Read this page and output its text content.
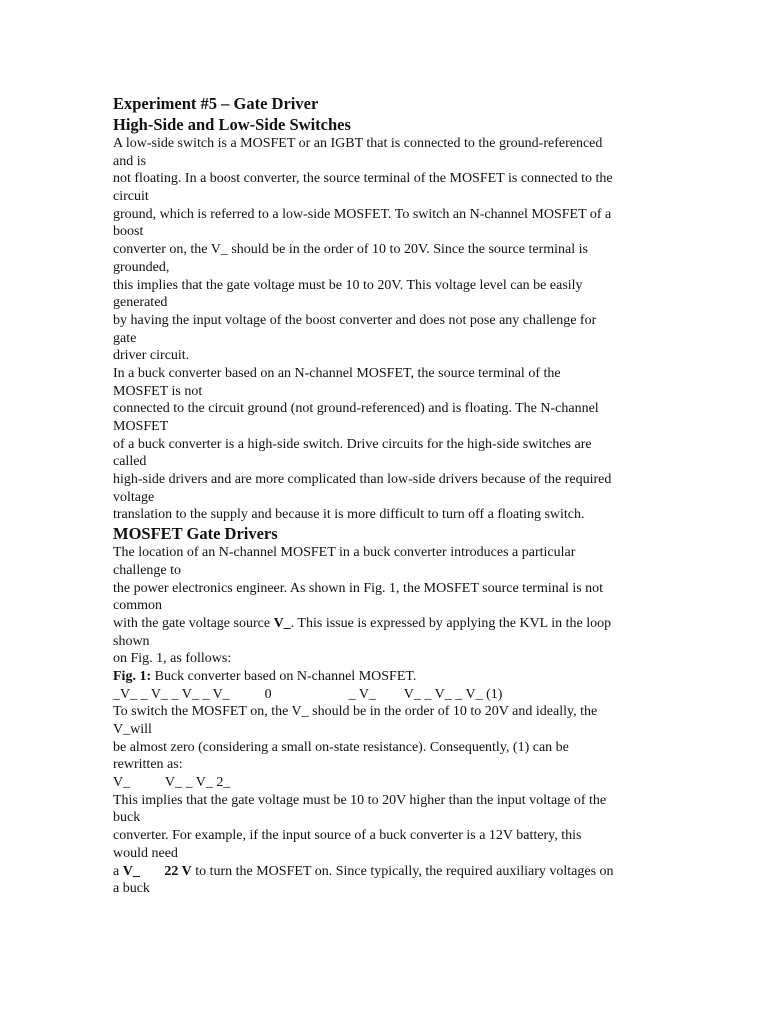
Experiment #5 – Gate Driver
High-Side and Low-Side Switches
A low-side switch is a MOSFET or an IGBT that is connected to the ground-referenced
and is
not floating. In a boost converter, the source terminal of the MOSFET is connected to the
circuit
ground, which is referred to a low-side MOSFET. To switch an N-channel MOSFET of a
boost
converter on, the V_ should be in the order of 10 to 20V. Since the source terminal is
grounded,
this implies that the gate voltage must be 10 to 20V. This voltage level can be easily
generated
by having the input voltage of the boost converter and does not pose any challenge for
gate
driver circuit.
In a buck converter based on an N-channel MOSFET, the source terminal of the
MOSFET is not
connected to the circuit ground (not ground-referenced) and is floating. The N-channel
MOSFET
of a buck converter is a high-side switch. Drive circuits for the high-side switches are
called
high-side drivers and are more complicated than low-side drivers because of the required
voltage
translation to the supply and because it is more difficult to turn off a floating switch.
MOSFET Gate Drivers
The location of an N-channel MOSFET in a buck converter introduces a particular
challenge to
the power electronics engineer. As shown in Fig. 1, the MOSFET source terminal is not
common
with the gate voltage source V_. This issue is expressed by applying the KVL in the loop
shown
on Fig. 1, as follows:
Fig. 1: Buck converter based on N-channel MOSFET.
_V_ _ V_ _ V_ _ V_          0                      _ V_        V_ _ V_ _ V_ (1)
To switch the MOSFET on, the V_ should be in the order of 10 to 20V and ideally, the
V_will
be almost zero (considering a small on-state resistance). Consequently, (1) can be
rewritten as:
V_          V_ _ V_ 2_
This implies that the gate voltage must be 10 to 20V higher than the input voltage of the
buck
converter. For example, if the input source of a buck converter is a 12V battery, this
would need
a V_       22 V to turn the MOSFET on. Since typically, the required auxiliary voltages on
a buck
